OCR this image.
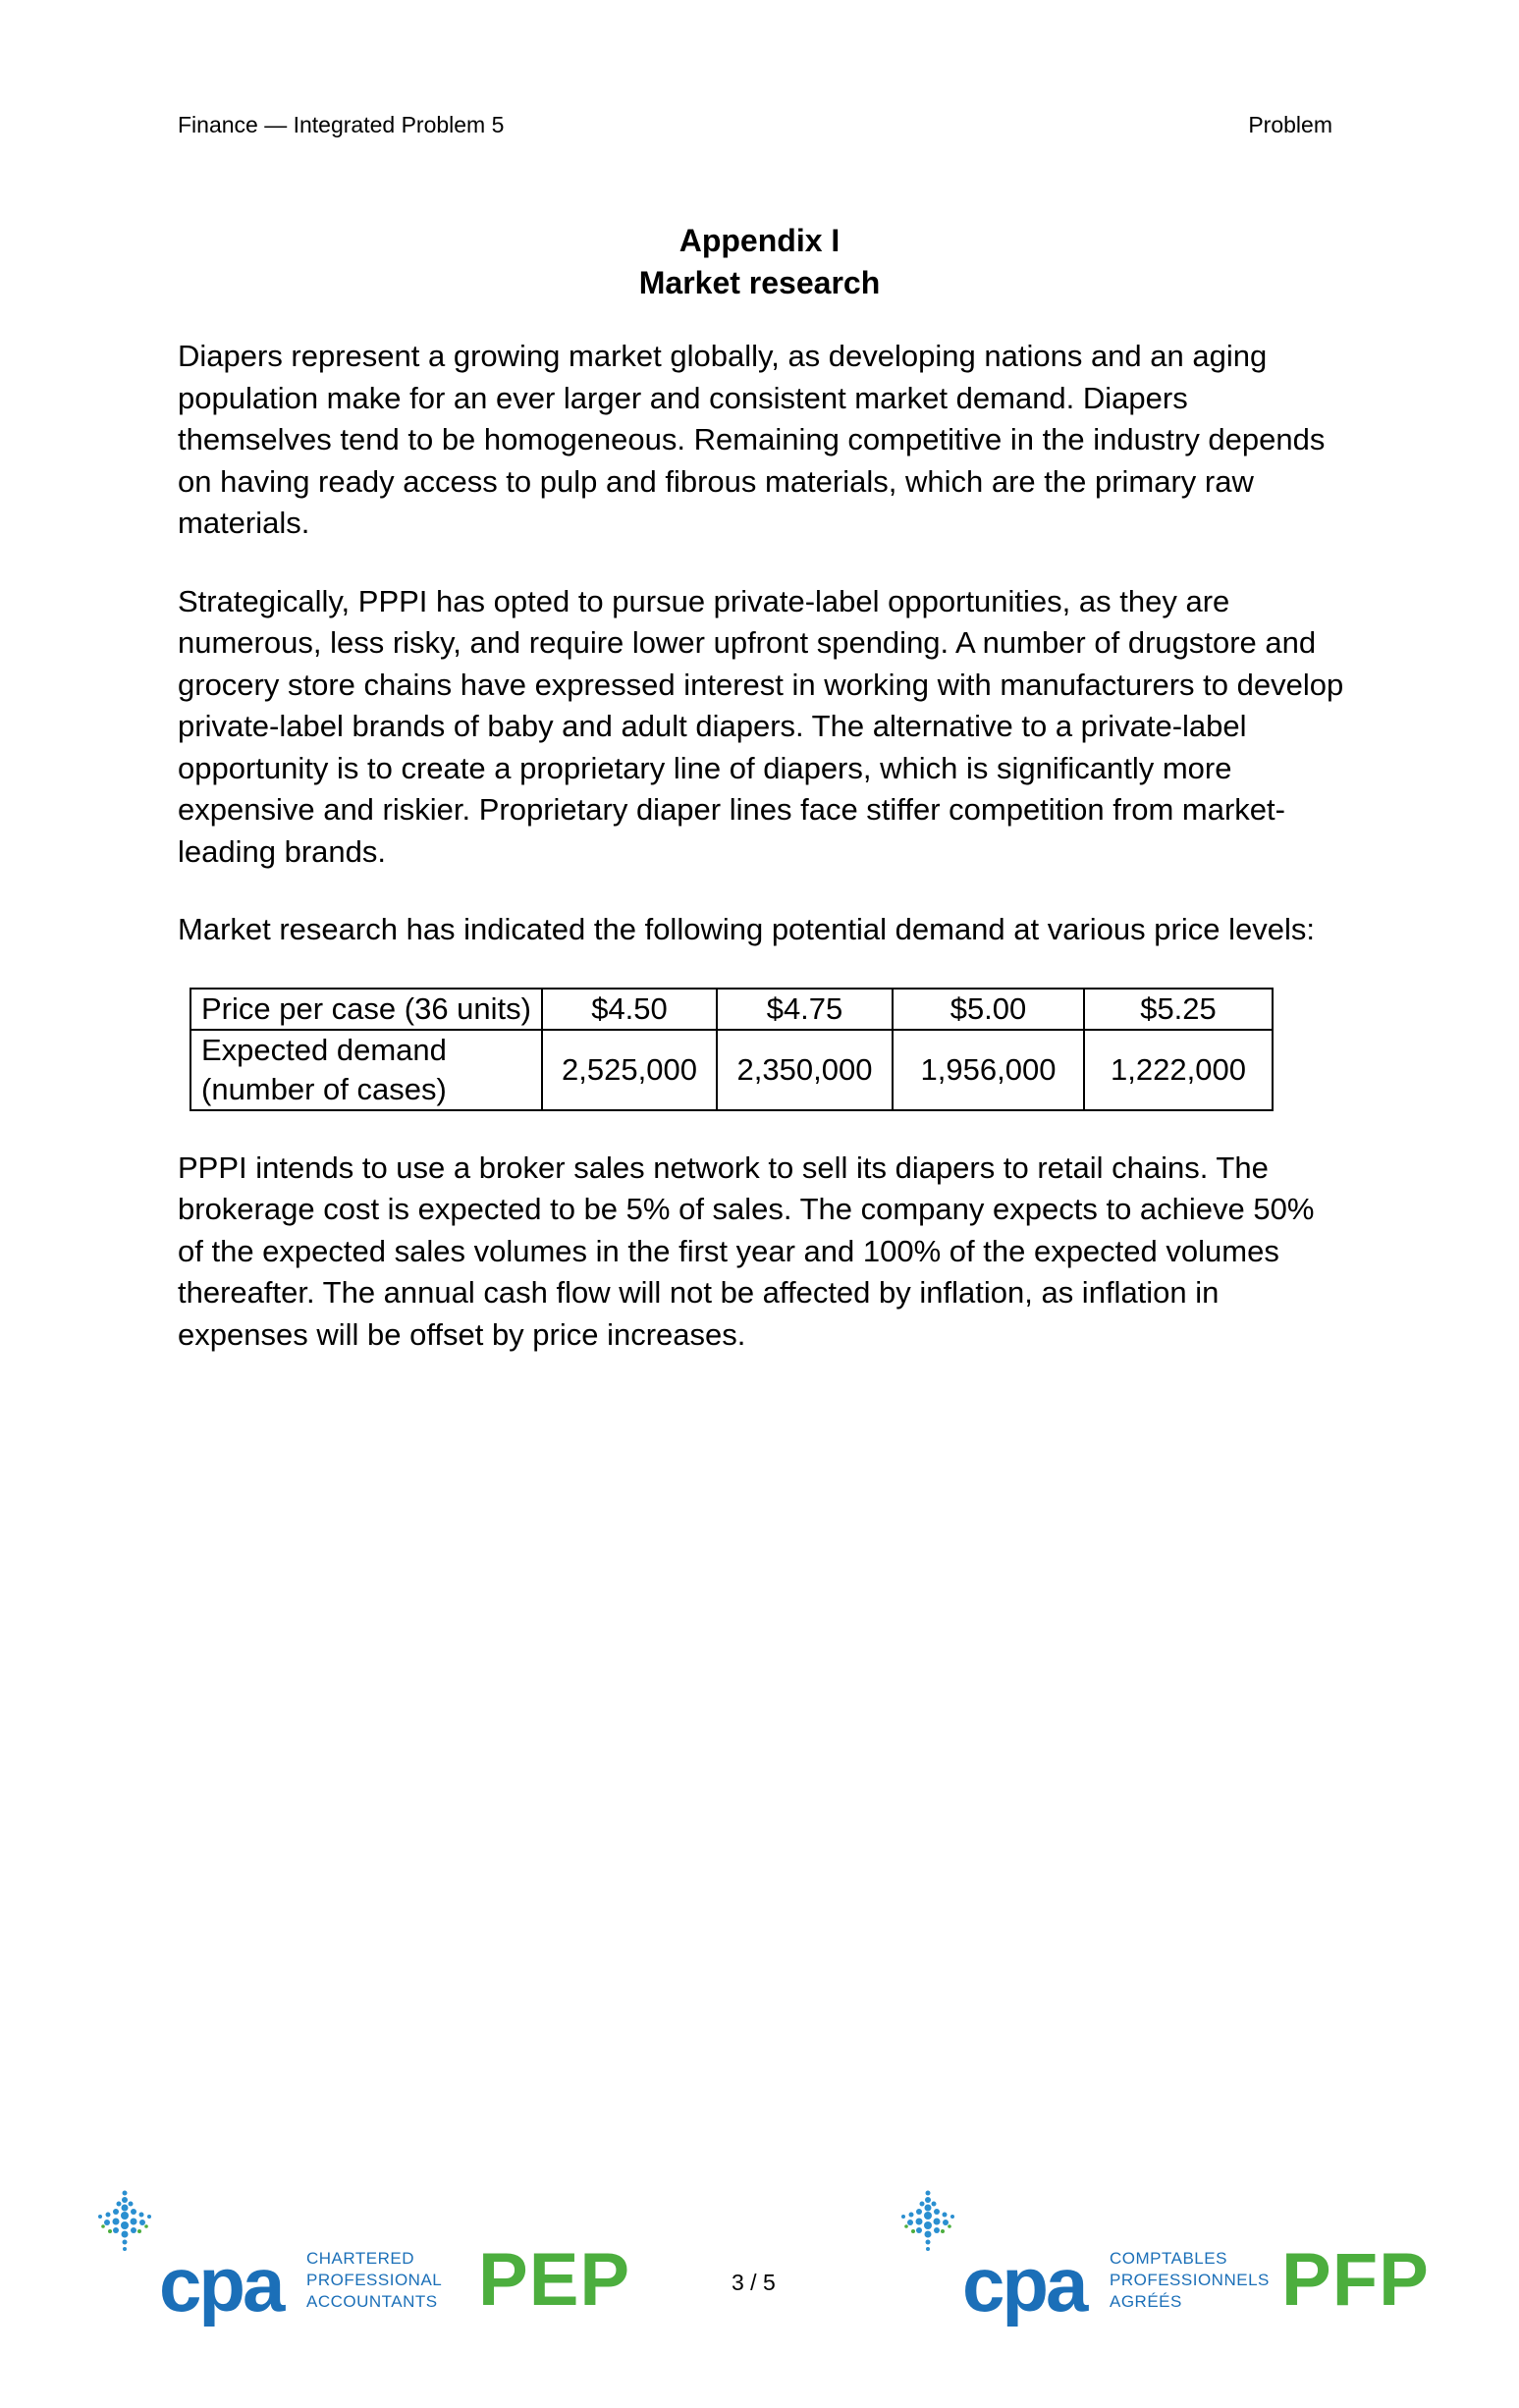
Finance — Integrated Problem 5	Problem
Appendix I
Market research

Diapers represent a growing market globally, as developing nations and an aging population make for an ever larger and consistent market demand. Diapers themselves tend to be homogeneous. Remaining competitive in the industry depends on having ready access to pulp and fibrous materials, which are the primary raw materials.

Strategically, PPPI has opted to pursue private-label opportunities, as they are numerous, less risky, and require lower upfront spending. A number of drugstore and grocery store chains have expressed interest in working with manufacturers to develop private-label brands of baby and adult diapers. The alternative to a private-label opportunity is to create a proprietary line of diapers, which is significantly more expensive and riskier. Proprietary diaper lines face stiffer competition from market-leading brands.

Market research has indicated the following potential demand at various price levels:

Price per case (36 units)	$4.50	$4.75	$5.00	$5.25

Expected demand
(number of cases)	2,525,000	2,350,000	1,956,000	1,222,000

PPPI intends to use a broker sales network to sell its diapers to retail chains. The brokerage cost is expected to be 5% of sales. The company expects to achieve 50% of the expected sales volumes in the first year and 100% of the expected volumes thereafter. The annual cash flow will not be affected by inflation, as inflation in expenses will be offset by price increases.

cpa CHARTERED
PROFESSIONAL
ACCOUNTANTS PEP	cpa COMPTABLES
PROFESSIONNELS
AGRÉÉS	PFP
3 / 5
